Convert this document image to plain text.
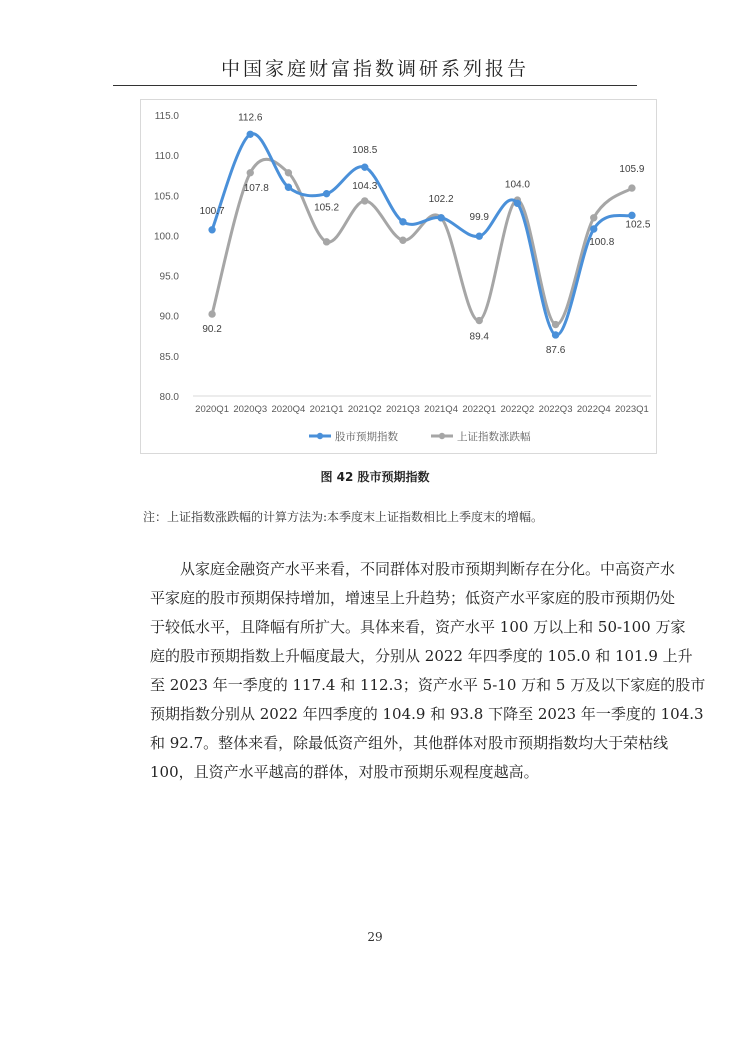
中国家庭财富指数调研系列报告
115.0
110.0
105.0
100.0
95.0
90.0
85.0
80.0
2020Q1 2020Q3 2020Q4 2021Q1 2021Q2 2021Q3 2021Q4 2022Q1 2022Q2 2022Q3 2022Q4 2023Q1
100.7
112.6
107.8
105.2
108.5
104.3
102.2
99.9
104.0
100.8
102.5
105.9
90.2
89.4
87.6
股市预期指数	上证指数涨跌幅
图 42 股市预期指数
注：上证指数涨跌幅的计算方法为:本季度末上证指数相比上季度末的增幅。
从家庭金融资产水平来看，不同群体对股市预期判断存在分化。中高资产水
平家庭的股市预期保持增加，增速呈上升趋势；低资产水平家庭的股市预期仍处
于较低水平，且降幅有所扩大。具体来看，资产水平 100 万以上和 50-100 万家
庭的股市预期指数上升幅度最大，分别从 2022 年四季度的 105.0 和 101.9 上升
至 2023 年一季度的 117.4 和 112.3；资产水平 5-10 万和 5 万及以下家庭的股市
预期指数分别从 2022 年四季度的 104.9 和 93.8 下降至 2023 年一季度的 104.3
和 92.7。整体来看，除最低资产组外，其他群体对股市预期指数均大于荣枯线
100，且资产水平越高的群体，对股市预期乐观程度越高。
29
